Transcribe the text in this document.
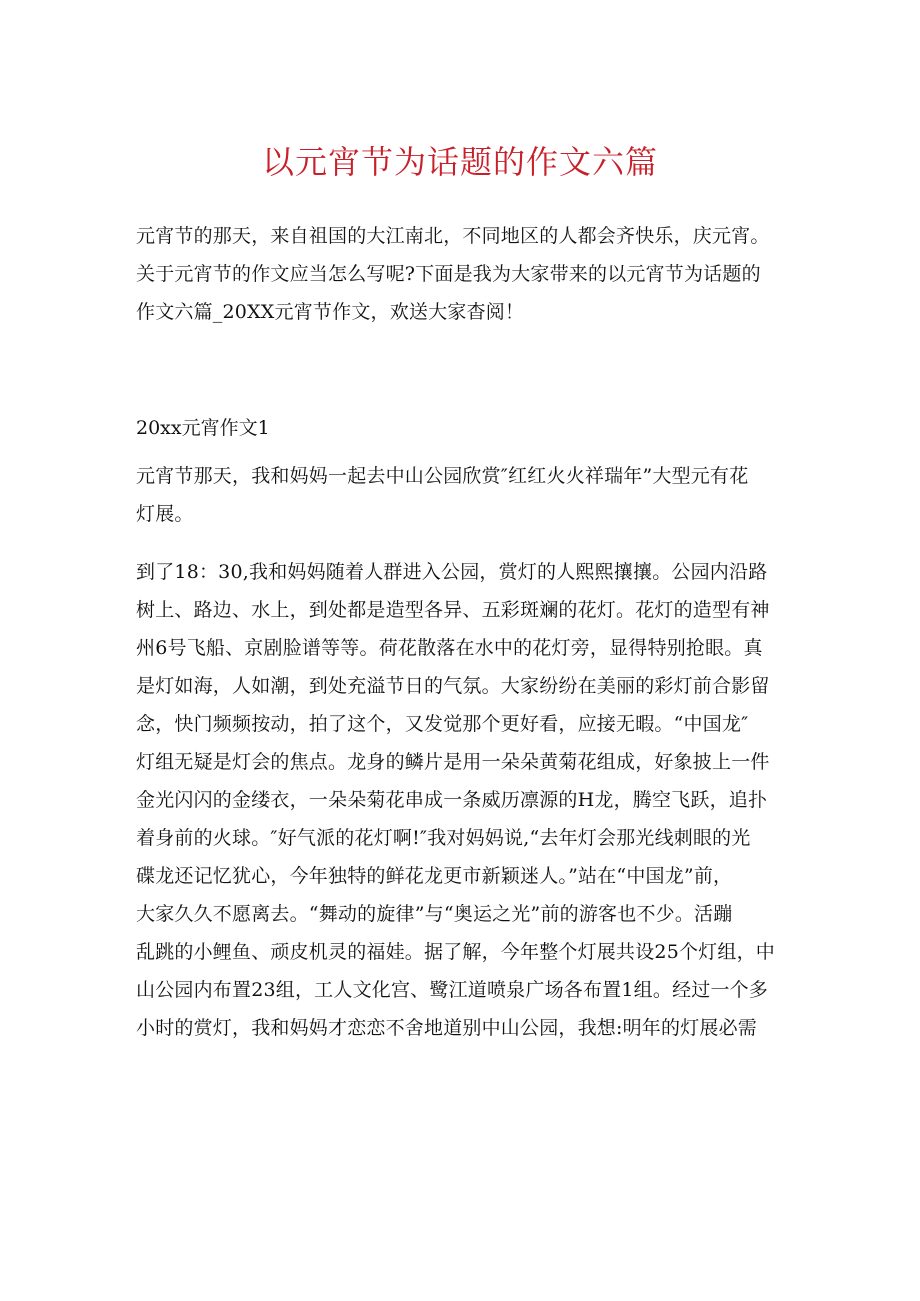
以元宵节为话题的作文六篇
元宵节的那天，来自祖国的大江南北，不同地区的人都会齐快乐，庆元宵。
关于元宵节的作文应当怎么写呢?下面是我为大家带来的以元宵节为话题的
作文六篇_20XX元宵节作文，欢送大家杳阅！
20xx元宵作文1
元宵节那天，我和妈妈一起去中山公园欣赏″红红火火祥瑞年”大型元有花
灯展。
到了18：30,我和妈妈随着人群进入公园，赏灯的人熙熙攘攘。公园内沿路
树上、路边、水上，到处都是造型各异、五彩斑斓的花灯。花灯的造型有神
州6号飞船、京剧脸谱等等。荷花散落在水中的花灯旁，显得特别抢眼。真
是灯如海，人如潮，到处充溢节日的气氛。大家纷纷在美丽的彩灯前合影留
念，快门频频按动，拍了这个，又发觉那个更好看，应接无暇。“中国龙″
灯组无疑是灯会的焦点。龙身的鳞片是用一朵朵黄菊花组成，好象披上一件
金光闪闪的金缕衣，一朵朵菊花串成一条威历凛源的H龙，腾空飞跃，追扑
着身前的火球。″好气派的花灯啊!″我对妈妈说,“去年灯会那光线刺眼的光
碟龙还记忆犹心，今年独特的鲜花龙更市新颖迷人。”站在“中国龙”前，
大家久久不愿离去。“舞动的旋律”与“奥运之光”前的游客也不少。活蹦
乱跳的小鲤鱼、顽皮机灵的福娃。据了解，今年整个灯展共设25个灯组，中
山公园内布置23组，工人文化宫、鹭江道喷泉广场各布置1组。经过一个多
小时的赏灯，我和妈妈才恋恋不舍地道别中山公园，我想:明年的灯展必需
